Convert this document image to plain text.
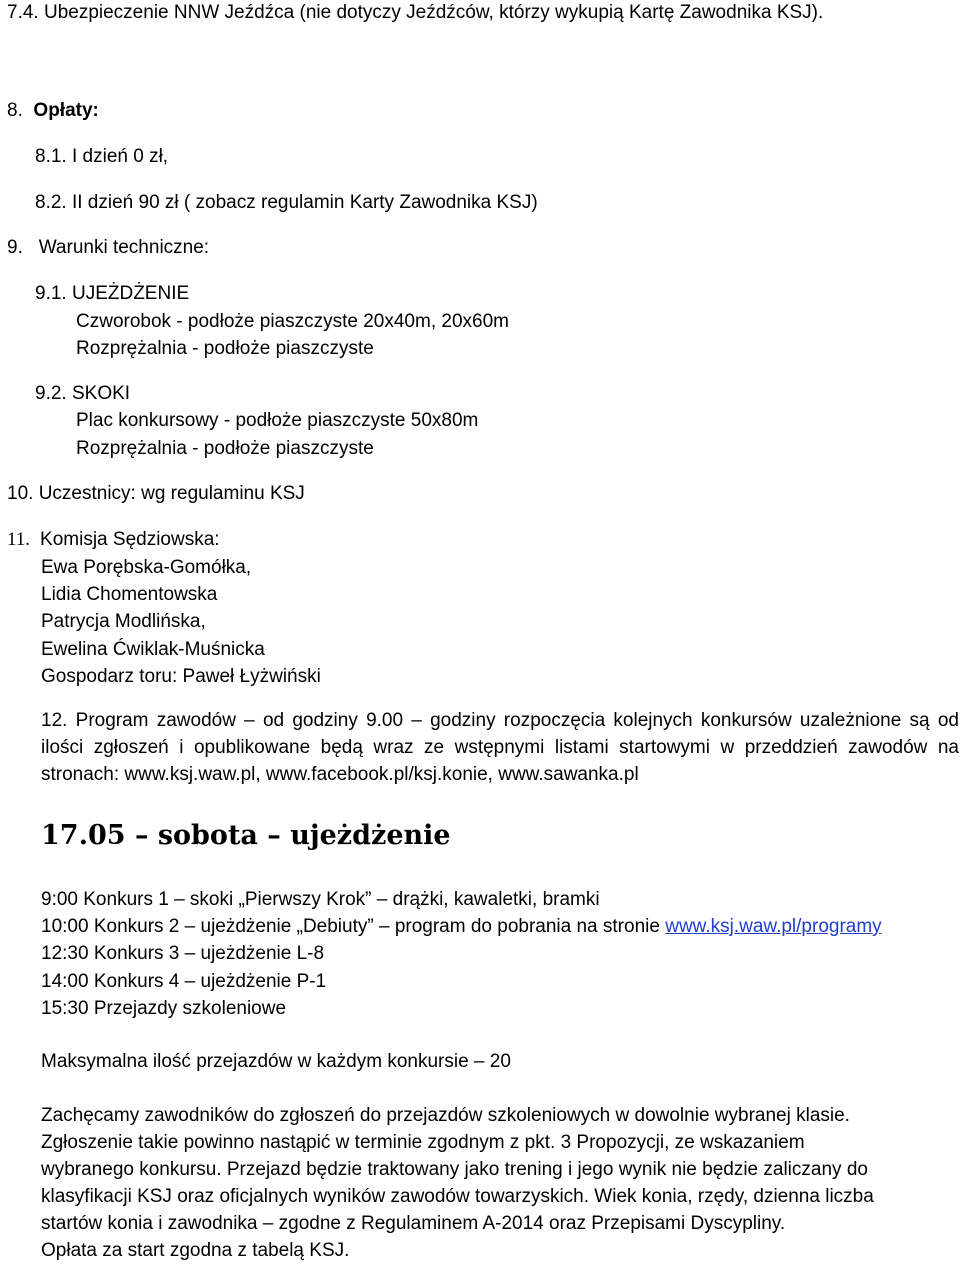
7.4. Ubezpieczenie NNW Jeźdźca (nie dotyczy Jeźdźców, którzy wykupią Kartę Zawodnika KSJ).
8. Opłaty:
8.1. I dzień 0 zł,
8.2. II dzień 90 zł ( zobacz regulamin Karty Zawodnika KSJ)
9. Warunki techniczne:
9.1. UJEŻDŻENIE
Czworobok - podłoże piaszczyste 20x40m, 20x60m
Rozprężalnia - podłoże piaszczyste
9.2. SKOKI
Plac konkursowy - podłoże piaszczyste 50x80m
Rozprężalnia - podłoże piaszczyste
10. Uczestnicy: wg regulaminu KSJ
11. Komisja Sędziowska:
Ewa Porębska-Gomółka,
Lidia Chomentowska
Patrycja Modlińska,
Ewelina Ćwiklak-Muśnicka
Gospodarz toru: Paweł Łyżwiński
12. Program zawodów – od godziny 9.00 – godziny rozpoczęcia kolejnych konkursów uzależnione są od
ilości zgłoszeń i opublikowane będą wraz ze wstępnymi listami startowymi w przeddzień zawodów na
stronach: www.ksj.waw.pl, www.facebook.pl/ksj.konie, www.sawanka.pl
17.05 – sobota – ujeżdżenie
9:00 Konkurs 1 – skoki „Pierwszy Krok” – drążki, kawaletki, bramki
10:00 Konkurs 2 – ujeżdżenie „Debiuty” – program do pobrania na stronie www.ksj.waw.pl/programy
12:30 Konkurs 3 – ujeżdżenie L-8
14:00 Konkurs 4 – ujeżdżenie P-1
15:30 Przejazdy szkoleniowe
Maksymalna ilość przejazdów w każdym konkursie – 20
Zachęcamy zawodników do zgłoszeń do przejazdów szkoleniowych w dowolnie wybranej klasie.
Zgłoszenie takie powinno nastąpić w terminie zgodnym z pkt. 3 Propozycji, ze wskazaniem
wybranego konkursu. Przejazd będzie traktowany jako trening i jego wynik nie będzie zaliczany do
klasyfikacji KSJ oraz oficjalnych wyników zawodów towarzyskich. Wiek konia, rzędy, dzienna liczba
startów konia i zawodnika – zgodne z Regulaminem A-2014 oraz Przepisami Dyscypliny.
Opłata za start zgodna z tabelą KSJ.
